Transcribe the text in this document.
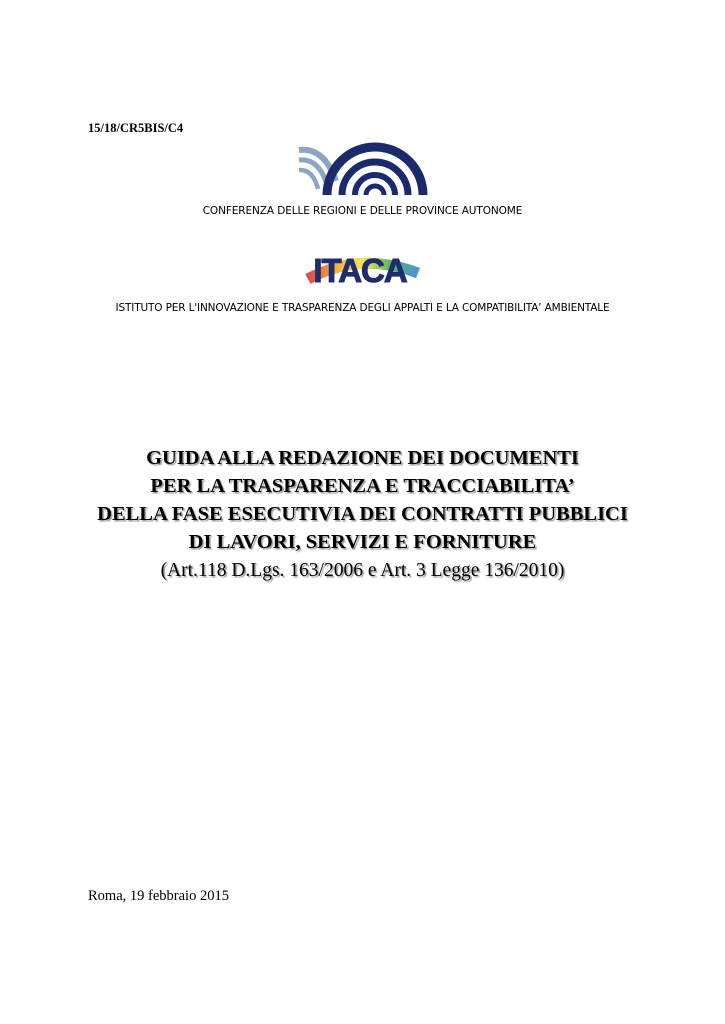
15/18/CR5BIS/C4
CONFERENZA DELLE REGIONI E DELLE PROVINCE AUTONOME
ITACA
ISTITUTO PER L'INNOVAZIONE E TRASPARENZA DEGLI APPALTI E LA COMPATIBILITA’ AMBIENTALE
GUIDA ALLA REDAZIONE DEI DOCUMENTI
PER LA TRASPARENZA E TRACCIABILITA’
DELLA FASE ESECUTIVIA DEI CONTRATTI PUBBLICI
DI LAVORI, SERVIZI E FORNITURE
(Art.118 D.Lgs. 163/2006 e Art. 3 Legge 136/2010)
Roma, 19 febbraio 2015
